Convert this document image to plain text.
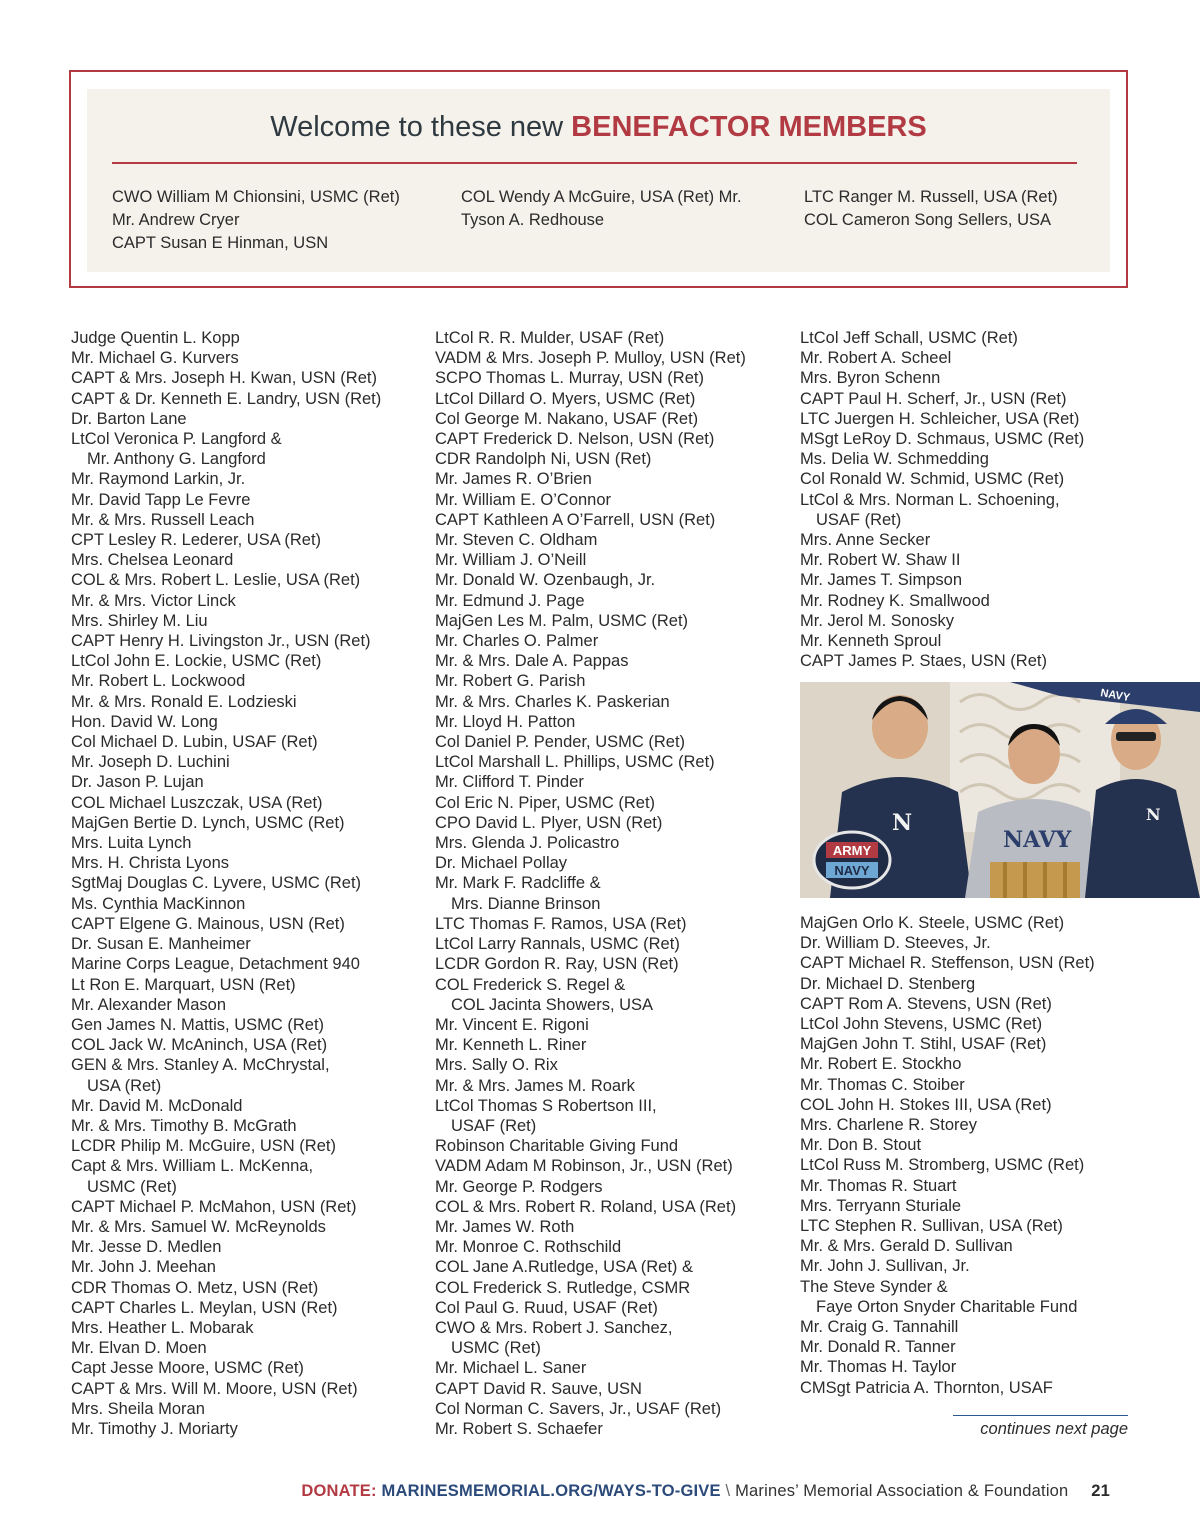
Welcome to these new BENEFACTOR MEMBERS
CWO William M Chionsini, USMC (Ret)
Mr. Andrew Cryer
CAPT Susan E Hinman, USN
COL Wendy A McGuire, USA (Ret) Mr.
Tyson A. Redhouse
LTC Ranger M. Russell, USA (Ret)
COL Cameron Song Sellers, USA
Judge Quentin L. Kopp
Mr. Michael G. Kurvers
CAPT & Mrs. Joseph H. Kwan, USN (Ret)
CAPT & Dr. Kenneth E. Landry, USN (Ret)
Dr. Barton Lane
LtCol Veronica P. Langford &
Mr. Anthony G. Langford
Mr. Raymond Larkin, Jr.
Mr. David Tapp Le Fevre
Mr. & Mrs. Russell Leach
CPT Lesley R. Lederer, USA (Ret)
Mrs. Chelsea Leonard
COL & Mrs. Robert L. Leslie, USA (Ret)
Mr. & Mrs. Victor Linck
Mrs. Shirley M. Liu
CAPT Henry H. Livingston Jr., USN (Ret)
LtCol John E. Lockie, USMC (Ret)
Mr. Robert L. Lockwood
Mr. & Mrs. Ronald E. Lodzieski
Hon. David W. Long
Col Michael D. Lubin, USAF (Ret)
Mr. Joseph D. Luchini
Dr. Jason P. Lujan
COL Michael Luszczak, USA (Ret)
MajGen Bertie D. Lynch, USMC (Ret)
Mrs. Luita Lynch
Mrs. H. Christa Lyons
SgtMaj Douglas C. Lyvere, USMC (Ret)
Ms. Cynthia MacKinnon
CAPT Elgene G. Mainous, USN (Ret)
Dr. Susan E. Manheimer
Marine Corps League, Detachment 940
Lt Ron E. Marquart, USN (Ret)
Mr. Alexander Mason
Gen James N. Mattis, USMC (Ret)
COL Jack W. McAninch, USA (Ret)
GEN & Mrs. Stanley A. McChrystal,
USA (Ret)
Mr. David M. McDonald
Mr. & Mrs. Timothy B. McGrath
LCDR Philip M. McGuire, USN (Ret)
Capt & Mrs. William L. McKenna,
USMC (Ret)
CAPT Michael P. McMahon, USN (Ret)
Mr. & Mrs. Samuel W. McReynolds
Mr. Jesse D. Medlen
Mr. John J. Meehan
CDR Thomas O. Metz, USN (Ret)
CAPT Charles L. Meylan, USN (Ret)
Mrs. Heather L. Mobarak
Mr. Elvan D. Moen
Capt Jesse Moore, USMC (Ret)
CAPT & Mrs. Will M. Moore, USN (Ret)
Mrs. Sheila Moran
Mr. Timothy J. Moriarty
LtCol R. R. Mulder, USAF (Ret)
VADM & Mrs. Joseph P. Mulloy, USN (Ret)
SCPO Thomas L. Murray, USN (Ret)
LtCol Dillard O. Myers, USMC (Ret)
Col George M. Nakano, USAF (Ret)
CAPT Frederick D. Nelson, USN (Ret)
CDR Randolph Ni, USN (Ret)
Mr. James R. O’Brien
Mr. William E. O’Connor
CAPT Kathleen A O’Farrell, USN (Ret)
Mr. Steven C. Oldham
Mr. William J. O’Neill
Mr. Donald W. Ozenbaugh, Jr.
Mr. Edmund J. Page
MajGen Les M. Palm, USMC (Ret)
Mr. Charles O. Palmer
Mr. & Mrs. Dale A. Pappas
Mr. Robert G. Parish
Mr. & Mrs. Charles K. Paskerian
Mr. Lloyd H. Patton
Col Daniel P. Pender, USMC (Ret)
LtCol Marshall L. Phillips, USMC (Ret)
Mr. Clifford T. Pinder
Col Eric N. Piper, USMC (Ret)
CPO David L. Plyer, USN (Ret)
Mrs. Glenda J. Policastro
Dr. Michael Pollay
Mr. Mark F. Radcliffe &
Mrs. Dianne Brinson
LTC Thomas F. Ramos, USA (Ret)
LtCol Larry Rannals, USMC (Ret)
LCDR Gordon R. Ray, USN (Ret)
COL Frederick S. Regel &
COL Jacinta Showers, USA
Mr. Vincent E. Rigoni
Mr. Kenneth L. Riner
Mrs. Sally O. Rix
Mr. & Mrs. James M. Roark
LtCol Thomas S Robertson III,
USAF (Ret)
Robinson Charitable Giving Fund
VADM Adam M Robinson, Jr., USN (Ret)
Mr. George P. Rodgers
COL & Mrs. Robert R. Roland, USA (Ret)
Mr. James W. Roth
Mr. Monroe C. Rothschild
COL Jane A.Rutledge, USA (Ret) &
COL Frederick S. Rutledge, CSMR
Col Paul G. Ruud, USAF (Ret)
CWO & Mrs. Robert J. Sanchez,
USMC (Ret)
Mr. Michael L. Saner
CAPT David R. Sauve, USN
Col Norman C. Savers, Jr., USAF (Ret)
Mr. Robert S. Schaefer
LtCol Jeff Schall, USMC (Ret)
Mr. Robert A. Scheel
Mrs. Byron Schenn
CAPT Paul H. Scherf, Jr., USN (Ret)
LTC Juergen H. Schleicher, USA (Ret)
MSgt LeRoy D. Schmaus, USMC (Ret)
Ms. Delia W. Schmedding
Col Ronald W. Schmid, USMC (Ret)
LtCol & Mrs. Norman L. Schoening,
USAF (Ret)
Mrs. Anne Secker
Mr. Robert W. Shaw II
Mr. James T. Simpson
Mr. Rodney K. Smallwood
Mr. Jerol M. Sonosky
Mr. Kenneth Sproul
CAPT James P. Staes, USN (Ret)
MajGen Orlo K. Steele, USMC (Ret)
Dr. William D. Steeves, Jr.
CAPT Michael R. Steffenson, USN (Ret)
Dr. Michael D. Stenberg
CAPT Rom A. Stevens, USN (Ret)
LtCol John Stevens, USMC (Ret)
MajGen John T. Stihl, USAF (Ret)
Mr. Robert E. Stockho
Mr. Thomas C. Stoiber
COL John H. Stokes III, USA (Ret)
Mrs. Charlene R. Storey
Mr. Don B. Stout
LtCol Russ M. Stromberg, USMC (Ret)
Mr. Thomas R. Stuart
Mrs. Terryann Sturiale
LTC Stephen R. Sullivan, USA (Ret)
Mr. & Mrs. Gerald D. Sullivan
Mr. John J. Sullivan, Jr.
The Steve Synder &
Faye Orton Snyder Charitable Fund
Mr. Craig G. Tannahill
Mr. Donald R. Tanner
Mr. Thomas H. Taylor
CMSgt Patricia A. Thornton, USAF
NAVY
N
NAVY
N
ARMY
NAVY
continues next page
DONATE: MARINESMEMORIAL.ORG/WAYS-TO-GIVE \ Marines’ Memorial Association & Foundation 21
